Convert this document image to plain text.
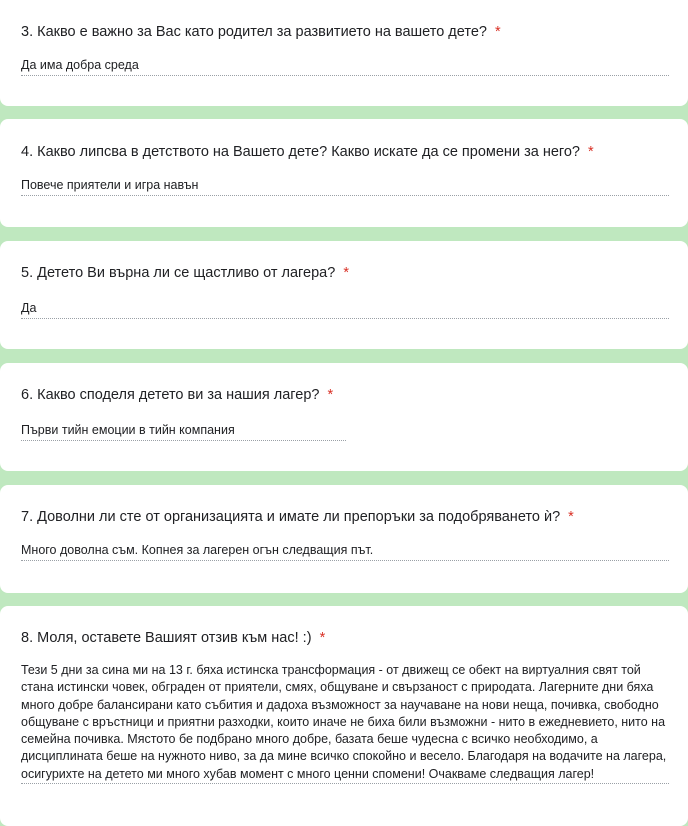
3. Какво е важно за Вас като родител за развитието на вашето дете? *
Да има добра среда
4. Какво липсва в детството на Вашето дете? Какво искате да се промени за него? *
Повече приятели и игра навън
5. Детето Ви върна ли се щастливо от лагера? *
Да
6. Какво споделя детето ви за нашия лагер? *
Първи тийн емоции в тийн компания
7. Доволни ли сте от организацията и имате ли препоръки за подобряването ѝ? *
Много доволна съм. Копнея за лагерен огън следващия път.
8. Моля, оставете Вашият отзив към нас! :) *
Тези 5 дни за сина ми на 13 г. бяха истинска трансформация - от движещ се обект на виртуалния свят той стана истински човек, обграден от приятели, смях, общуване и свързаност с природата. Лагерните дни бяха много добре балансирани като събития и дадоха възможност за научаване на нови неща, почивка, свободно общуване с връстници и приятни разходки, които иначе не биха били възможни - нито в ежедневието, нито на семейна почивка. Мястото бе подбрано много добре, базата беше чудесна с всичко необходимо, а дисциплината беше на нужното ниво, за да мине всичко спокойно и весело. Благодаря на водачите на лагера, осигурихте на детето ми много хубав момент с много ценни спомени! Очакваме следващия лагер!
